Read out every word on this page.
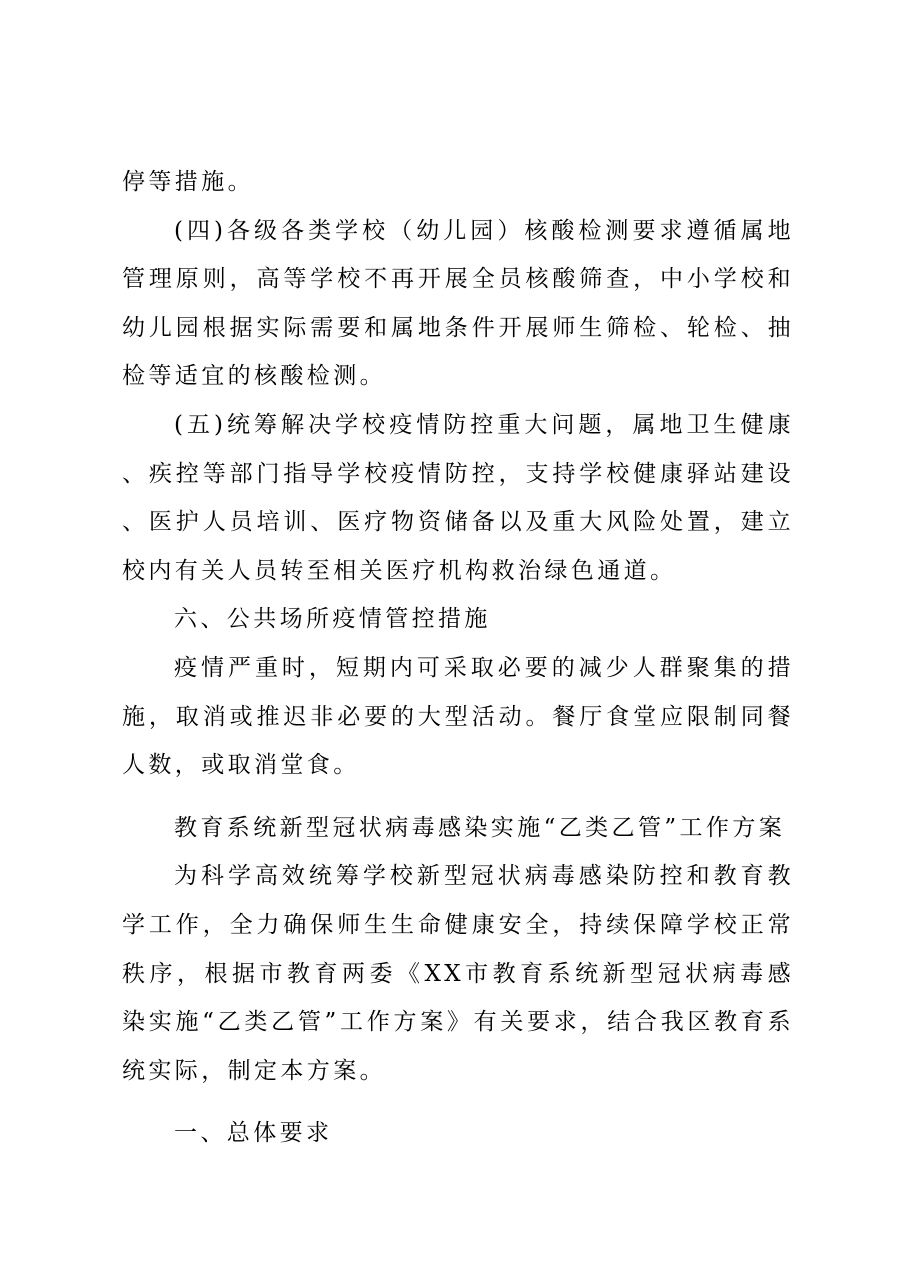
停等措施。

(四)各级各类学校（幼儿园）核酸检测要求遵循属地管理原则，高等学校不再开展全员核酸筛查，中小学校和幼儿园根据实际需要和属地条件开展师生筛检、轮检、抽检等适宜的核酸检测。

(五)统筹解决学校疫情防控重大问题，属地卫生健康、疾控等部门指导学校疫情防控，支持学校健康驿站建设、医护人员培训、医疗物资储备以及重大风险处置，建立校内有关人员转至相关医疗机构救治绿色通道。

六、公共场所疫情管控措施

疫情严重时，短期内可采取必要的减少人群聚集的措施，取消或推迟非必要的大型活动。餐厅食堂应限制同餐人数，或取消堂食。

教育系统新型冠状病毒感染实施“乙类乙管”工作方案

为科学高效统筹学校新型冠状病毒感染防控和教育教学工作，全力确保师生生命健康安全，持续保障学校正常秩序，根据市教育两委《XX市教育系统新型冠状病毒感染实施“乙类乙管”工作方案》有关要求，结合我区教育系统实际，制定本方案。

一、总体要求
